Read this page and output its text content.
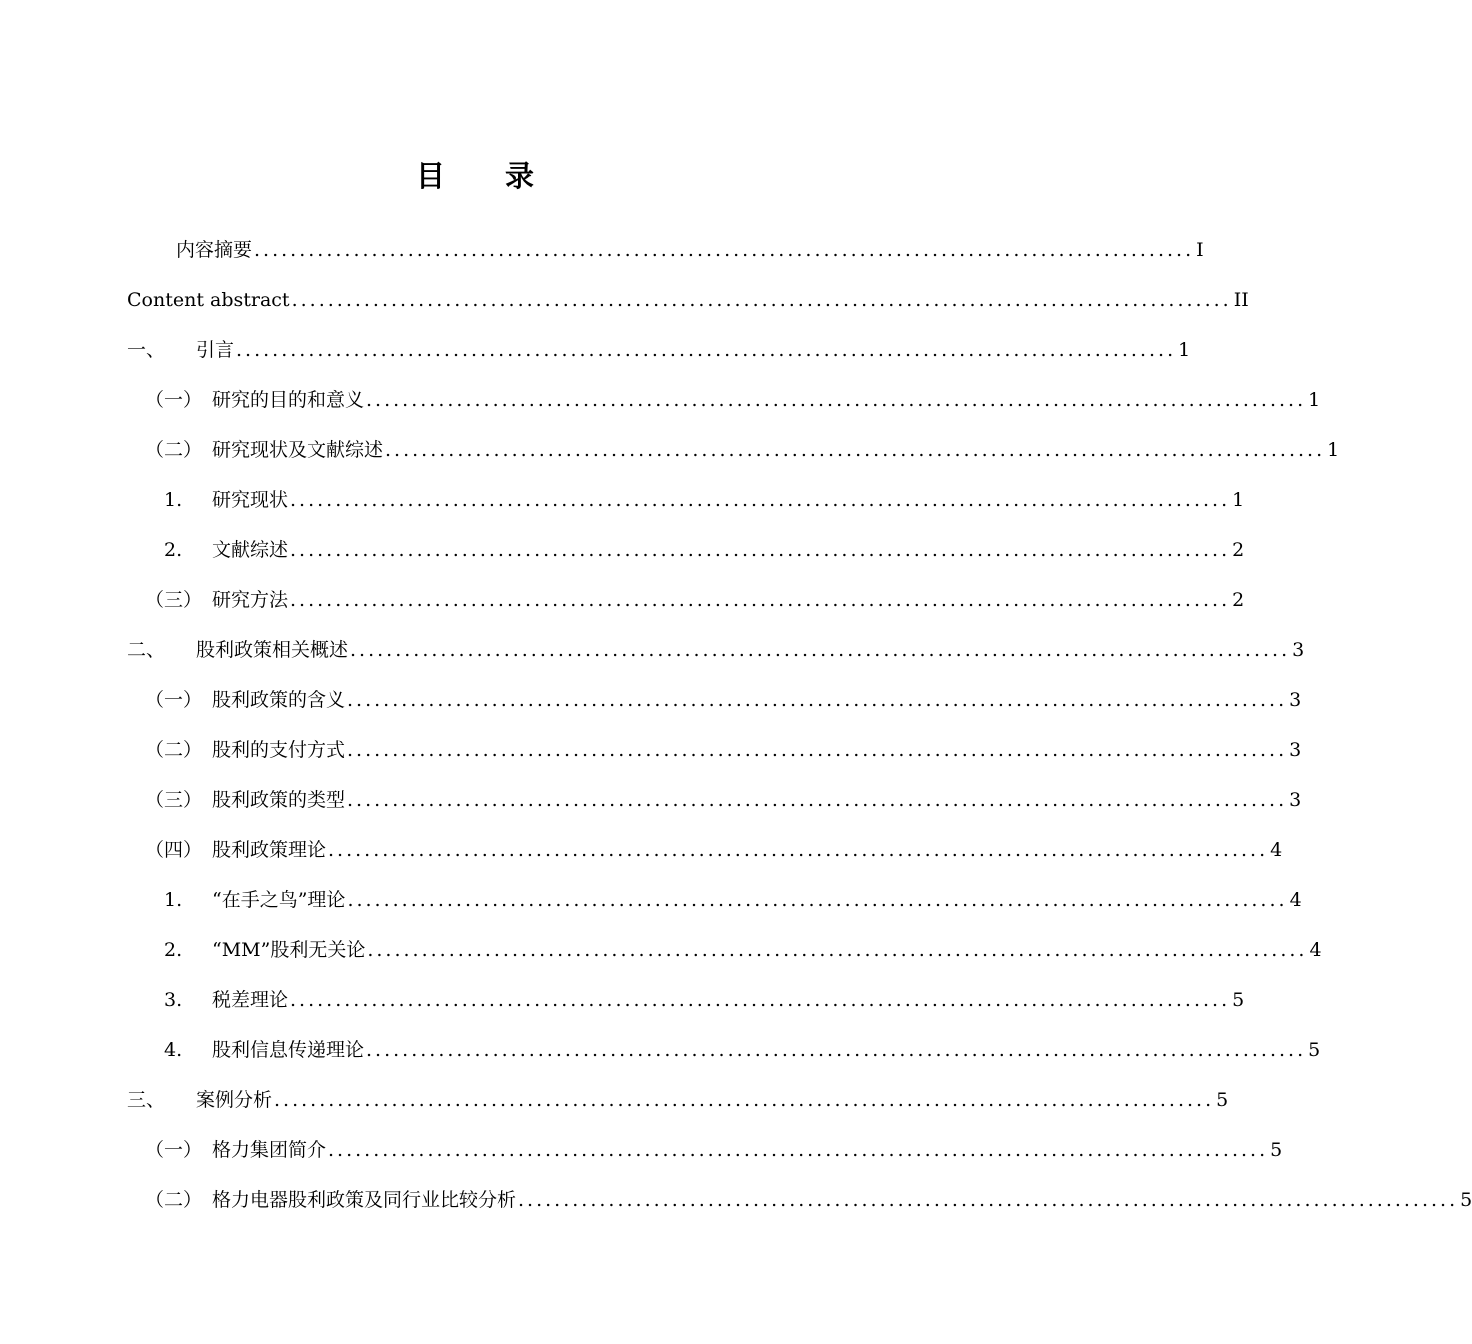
目 录
内容摘要 ........................................................................................................ I
Content abstract ........................................................................................................ II
一、 引言 ........................................................................................................ 1
（一） 研究的目的和意义 ........................................................................................................ 1
（二） 研究现状及文献综述 ........................................................................................................ 1
1. 研究现状 ........................................................................................................ 1
2. 文献综述 ........................................................................................................ 2
（三） 研究方法 ........................................................................................................ 2
二、 股利政策相关概述 ........................................................................................................ 3
（一） 股利政策的含义 ........................................................................................................ 3
（二） 股利的支付方式 ........................................................................................................ 3
（三） 股利政策的类型 ........................................................................................................ 3
（四） 股利政策理论 ........................................................................................................ 4
1. “在手之鸟”理论 ........................................................................................................ 4
2. “MM”股利无关论 ........................................................................................................ 4
3. 税差理论 ........................................................................................................ 5
4. 股利信息传递理论 ........................................................................................................ 5
三、 案例分析 ........................................................................................................ 5
（一） 格力集团简介 ........................................................................................................ 5
（二） 格力电器股利政策及同行业比较分析 ........................................................................................................ 5
